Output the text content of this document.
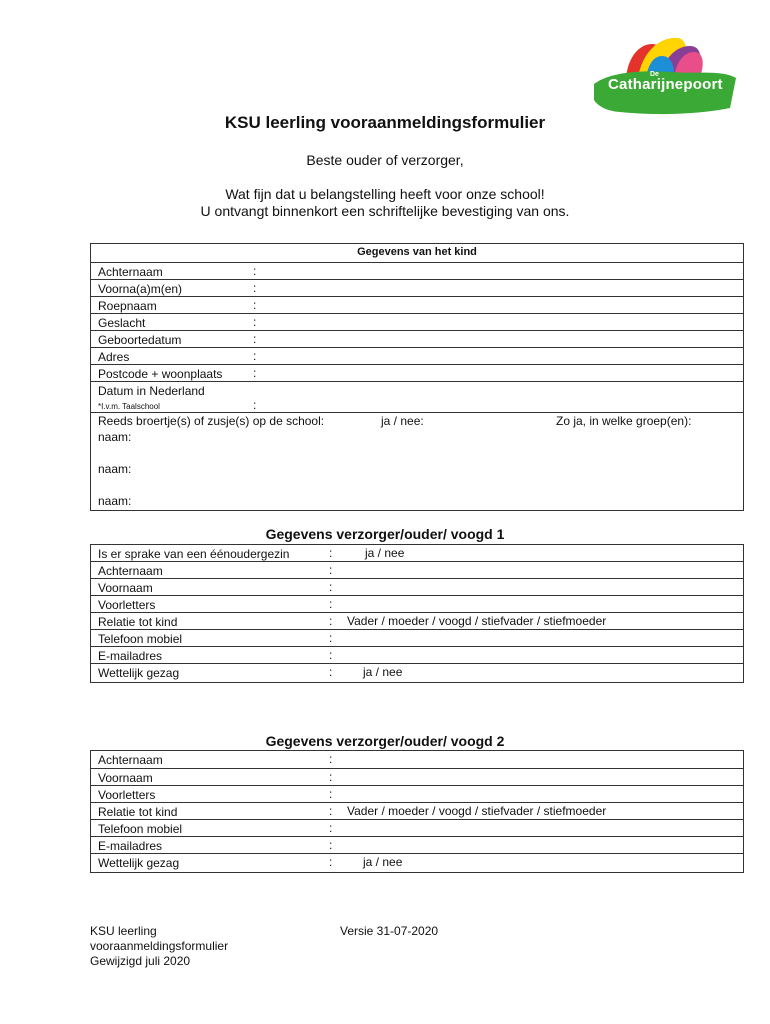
De
Catharijnepoort
KSU leerling vooraanmeldingsformulier
Beste ouder of verzorger,
Wat fijn dat u belangstelling heeft voor onze school!
U ontvangt binnenkort een schriftelijke bevestiging van ons.
Gegevens van het kind
Achternaam	:
Voorna(a)m(en)	:
Roepnaam	:
Geslacht	:
Geboortedatum	:
Adres	:
Postcode + woonplaats	:
Datum in Nederland
*I.v.m. Taalschool	:
Reeds broertje(s) of zusje(s) op de school:	ja / nee:	Zo ja, in welke groep(en):
naam:
naam:
naam:
Gegevens verzorger/ouder/ voogd 1
Is er sprake van een éénoudergezin	:	ja / nee
Achternaam	:
Voornaam	:
Voorletters	:
Relatie tot kind	: Vader / moeder / voogd / stiefvader / stiefmoeder
Telefoon mobiel	:
E-mailadres	:
Wettelijk gezag	:	ja / nee
Gegevens verzorger/ouder/ voogd 2
Achternaam	:
Voornaam	:
Voorletters	:
Relatie tot kind	: Vader / moeder / voogd / stiefvader / stiefmoeder
Telefoon mobiel	:
E-mailadres	:
Wettelijk gezag	:	ja / nee
KSU leerling
vooraanmeldingsformulier
Gewijzigd juli 2020
Versie 31-07-2020
